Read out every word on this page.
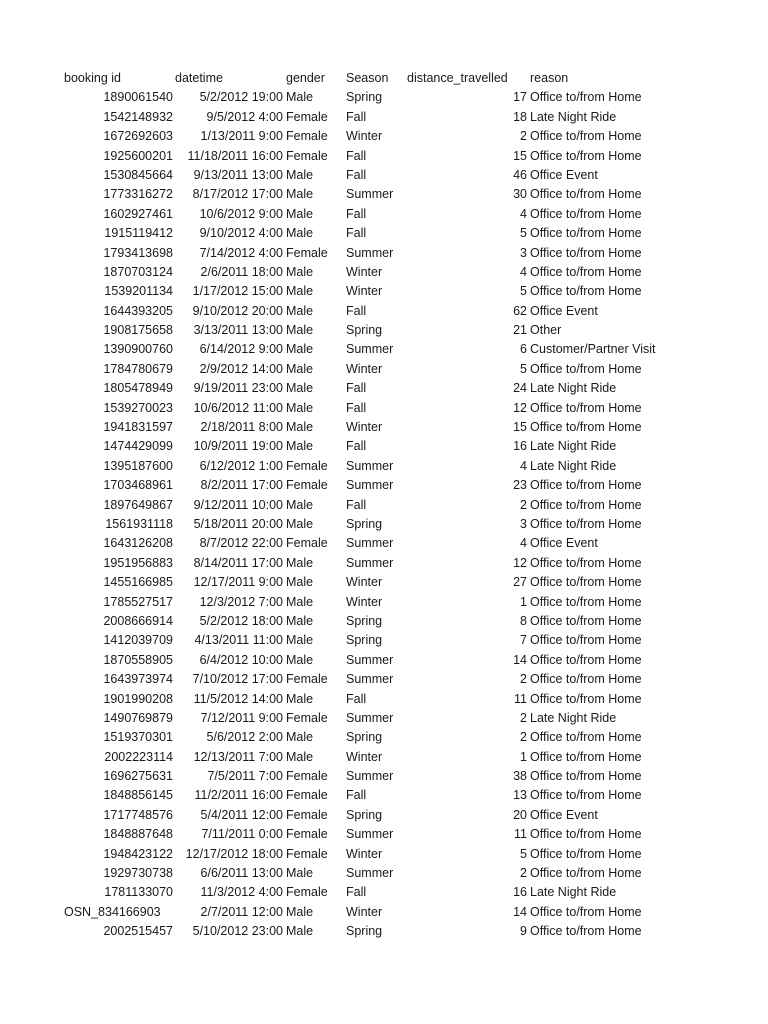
booking id	datetime	gender	Season	distance_travelled	reason
1890061540	5/2/2012 19:00 Male	Spring	17 Office to/from Home
1542148932	9/5/2012 4:00 Female	Fall	18 Late Night Ride
1672692603	1/13/2011 9:00 Female	Winter	2 Office to/from Home
1925600201	11/18/2011 16:00 Female	Fall	15 Office to/from Home
1530845664	9/13/2011 13:00 Male	Fall	46 Office Event
1773316272	8/17/2012 17:00 Male	Summer	30 Office to/from Home
1602927461	10/6/2012 9:00 Male	Fall	4 Office to/from Home
1915119412	9/10/2012 4:00 Male	Fall	5 Office to/from Home
1793413698	7/14/2012 4:00 Female	Summer	3 Office to/from Home
1870703124	2/6/2011 18:00 Male	Winter	4 Office to/from Home
1539201134	1/17/2012 15:00 Male	Winter	5 Office to/from Home
1644393205	9/10/2012 20:00 Male	Fall	62 Office Event
1908175658	3/13/2011 13:00 Male	Spring	21 Other
1390900760	6/14/2012 9:00 Male	Summer	6 Customer/Partner Visit
1784780679	2/9/2012 14:00 Male	Winter	5 Office to/from Home
1805478949	9/19/2011 23:00 Male	Fall	24 Late Night Ride
1539270023	10/6/2012 11:00 Male	Fall	12 Office to/from Home
1941831597	2/18/2011 8:00 Male	Winter	15 Office to/from Home
1474429099	10/9/2011 19:00 Male	Fall	16 Late Night Ride
1395187600	6/12/2012 1:00 Female	Summer	4 Late Night Ride
1703468961	8/2/2011 17:00 Female	Summer	23 Office to/from Home
1897649867	9/12/2011 10:00 Male	Fall	2 Office to/from Home
1561931118	5/18/2011 20:00 Male	Spring	3 Office to/from Home
1643126208	8/7/2012 22:00 Female	Summer	4 Office Event
1951956883	8/14/2011 17:00 Male	Summer	12 Office to/from Home
1455166985	12/17/2011 9:00 Male	Winter	27 Office to/from Home
1785527517	12/3/2012 7:00 Male	Winter	1 Office to/from Home
2008666914	5/2/2012 18:00 Male	Spring	8 Office to/from Home
1412039709	4/13/2011 11:00 Male	Spring	7 Office to/from Home
1870558905	6/4/2012 10:00 Male	Summer	14 Office to/from Home
1643973974	7/10/2012 17:00 Female	Summer	2 Office to/from Home
1901990208	11/5/2012 14:00 Male	Fall	11 Office to/from Home
1490769879	7/12/2011 9:00 Female	Summer	2 Late Night Ride
1519370301	5/6/2012 2:00 Male	Spring	2 Office to/from Home
2002223114	12/13/2011 7:00 Male	Winter	1 Office to/from Home
1696275631	7/5/2011 7:00 Female	Summer	38 Office to/from Home
1848856145	11/2/2011 16:00 Female	Fall	13 Office to/from Home
1717748576	5/4/2011 12:00 Female	Spring	20 Office Event
1848887648	7/11/2011 0:00 Female	Summer	11 Office to/from Home
1948423122	12/17/2012 18:00 Female	Winter	5 Office to/from Home
1929730738	6/6/2011 13:00 Male	Summer	2 Office to/from Home
1781133070	11/3/2012 4:00 Female	Fall	16 Late Night Ride
OSN_834166903	2/7/2011 12:00 Male	Winter	14 Office to/from Home
2002515457	5/10/2012 23:00 Male	Spring	9 Office to/from Home
